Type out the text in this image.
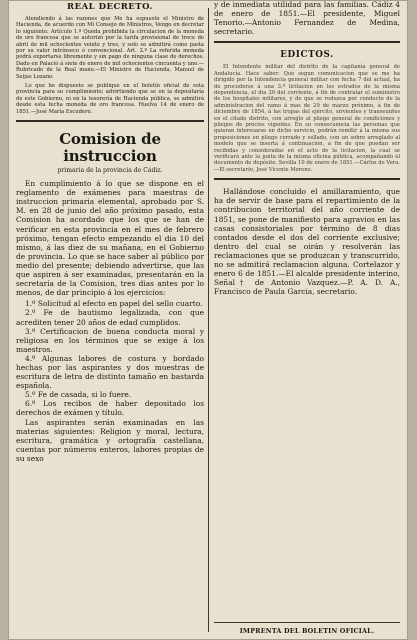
REAL DECRETO.
Atendiendo á las razones que Me ha espuesto el Ministro de Hacienda, de acuerdo con Mi Consejo de Ministros, Vengo en decretar lo siguiente: Artículo 1.º Queda prohibida la circulacion de la moneda de oro francesa que se autorizó por la tarifa provisional de trece de abril de mil ochocientos veinte y tres, y solo se admitirá como pasta por su valor intrínseco ó convencional. Art. 2.º La referida moneda podrá exportarse libremente y sin pago de ninguna clase de derechos. Dado en Palacio á siete de enero de mil ochocientos cincuenta y uno.—Rubricado de la Real mano.—El Ministro de Hacienda, Manuel de Seijas Lozano.
Lo que he dispuesto se publique en el boletín oficial de esta provincia para su cumplimiento; advirtiendo que se en la depositaría de este Gobierno, ni en la tesorería de Hacienda pública, se admitirá desde esta fecha moneda de oro francesa. Huelva 14 de enero de 1851.—José María Escudero.
Comision de instruccion
primaria de la provincia de Cádiz.
En cumplimiento á lo que se dispone en el reglamento de exámenes para maestras de instruccion primaria elemental, aprobado por S. M. en 28 de junio del año próximo pasado, esta Comision ha acordado que los que se han de verificar en esta provincia en el mes de febrero próximo, tengan efecto empezando el dia 10 del mismo, á las diez de su mañana, en el Gobierno de provincia. Lo que se hace saber al público por medio del presente; debiendo advertirse, que las que aspiren á ser examinadas, presentarán en la secretaría de la Comision, tres dias antes por lo menos, de dar principio á los ejercicios:
1.º Solicitud al efecto en papel del sello cuarto.
2.º Fe de bautismo legalizada, con que acrediten tener 20 años de edad cumplidos.
3.º Certificacion de buena conducta moral y religiosa en los términos que se exige á los maestros.
4.º Algunas labores de costura y bordado hechas por las aspirantes y dos muestras de escritura de letra de distinto tamaño en bastarda española.
5.º Fe de casada, si lo fuere.
6.º Los recibos de haber depositado los derechos de exámen y título.
Las aspirantes serán examinadas en las materias siguientes: Religion y moral, lectura, escritura, gramática y ortografía castellana, cuentas por números enteros, labores propias de su sexo
y de inmediata utilidad para las familias. Cádiz 4 de enero de 1851.—El presidente, Miguel Tenorio.—Antonio Fernandez de Medina, secretario.
EDICTOS.
El Intendente militar del distrito de la capitanía general de Andalucía. Hace saber: Que segun comunicacion que se me ha dirigido por la Intendencia general militar con fecha 7 del actual, ha de procederse á una 3.ª licitacion en los estrados de la misma dependencia, el dia 29 del corriente, á fin de contratar el suministro de los hospitales militares, y de que se reduzca por conducto de la administracion del ramo á mas de 29 de marzo próximo, á fin de diciembre de 1854, á las tropas del ejército, sirvientes y transeuntes en el citado distrito, con arreglo al pliego general de condiciones y pliegos de precios vigentes. En su consecuencia las personas que quieran interesarse en dicho servicio, podrán remitir á la misma sus proposiciones en pliego cerrado y sellado, con un sobre arreglado al modelo que se inserta á continuacion, a fin de que puedan ser recibidas y consideradas en el acto de la licitacion, la cual se verificará ante la junta de la misma oficina pública, acompañando el documento de depósito. Sevilla 10 de enero de 1851.—Cárlos de Vera.—El secretario, José Vicente Moreno.
Hallándose concluido el amillaramiento, que ha de servir de base para el repartimiento de la contribucion territorial del año corriente de 1851, se pone de manifiesto para agravios en las casas consistoriales por término de 8 dias contados desde el dos del corriente exclusive; dentro del cual se oirán y resolverán las reclamaciones que se produzcan y transcurrido, no se admitirá reclamacion alguna. Cortelazor y enero 6 de 1851.—El alcalde presidente interino, Señal† de Antonio Vazquez.—P. A. D. A., Francisco de Paula Garcia, secretario.
IMPRENTA DEL BOLETIN OFICIAL.
